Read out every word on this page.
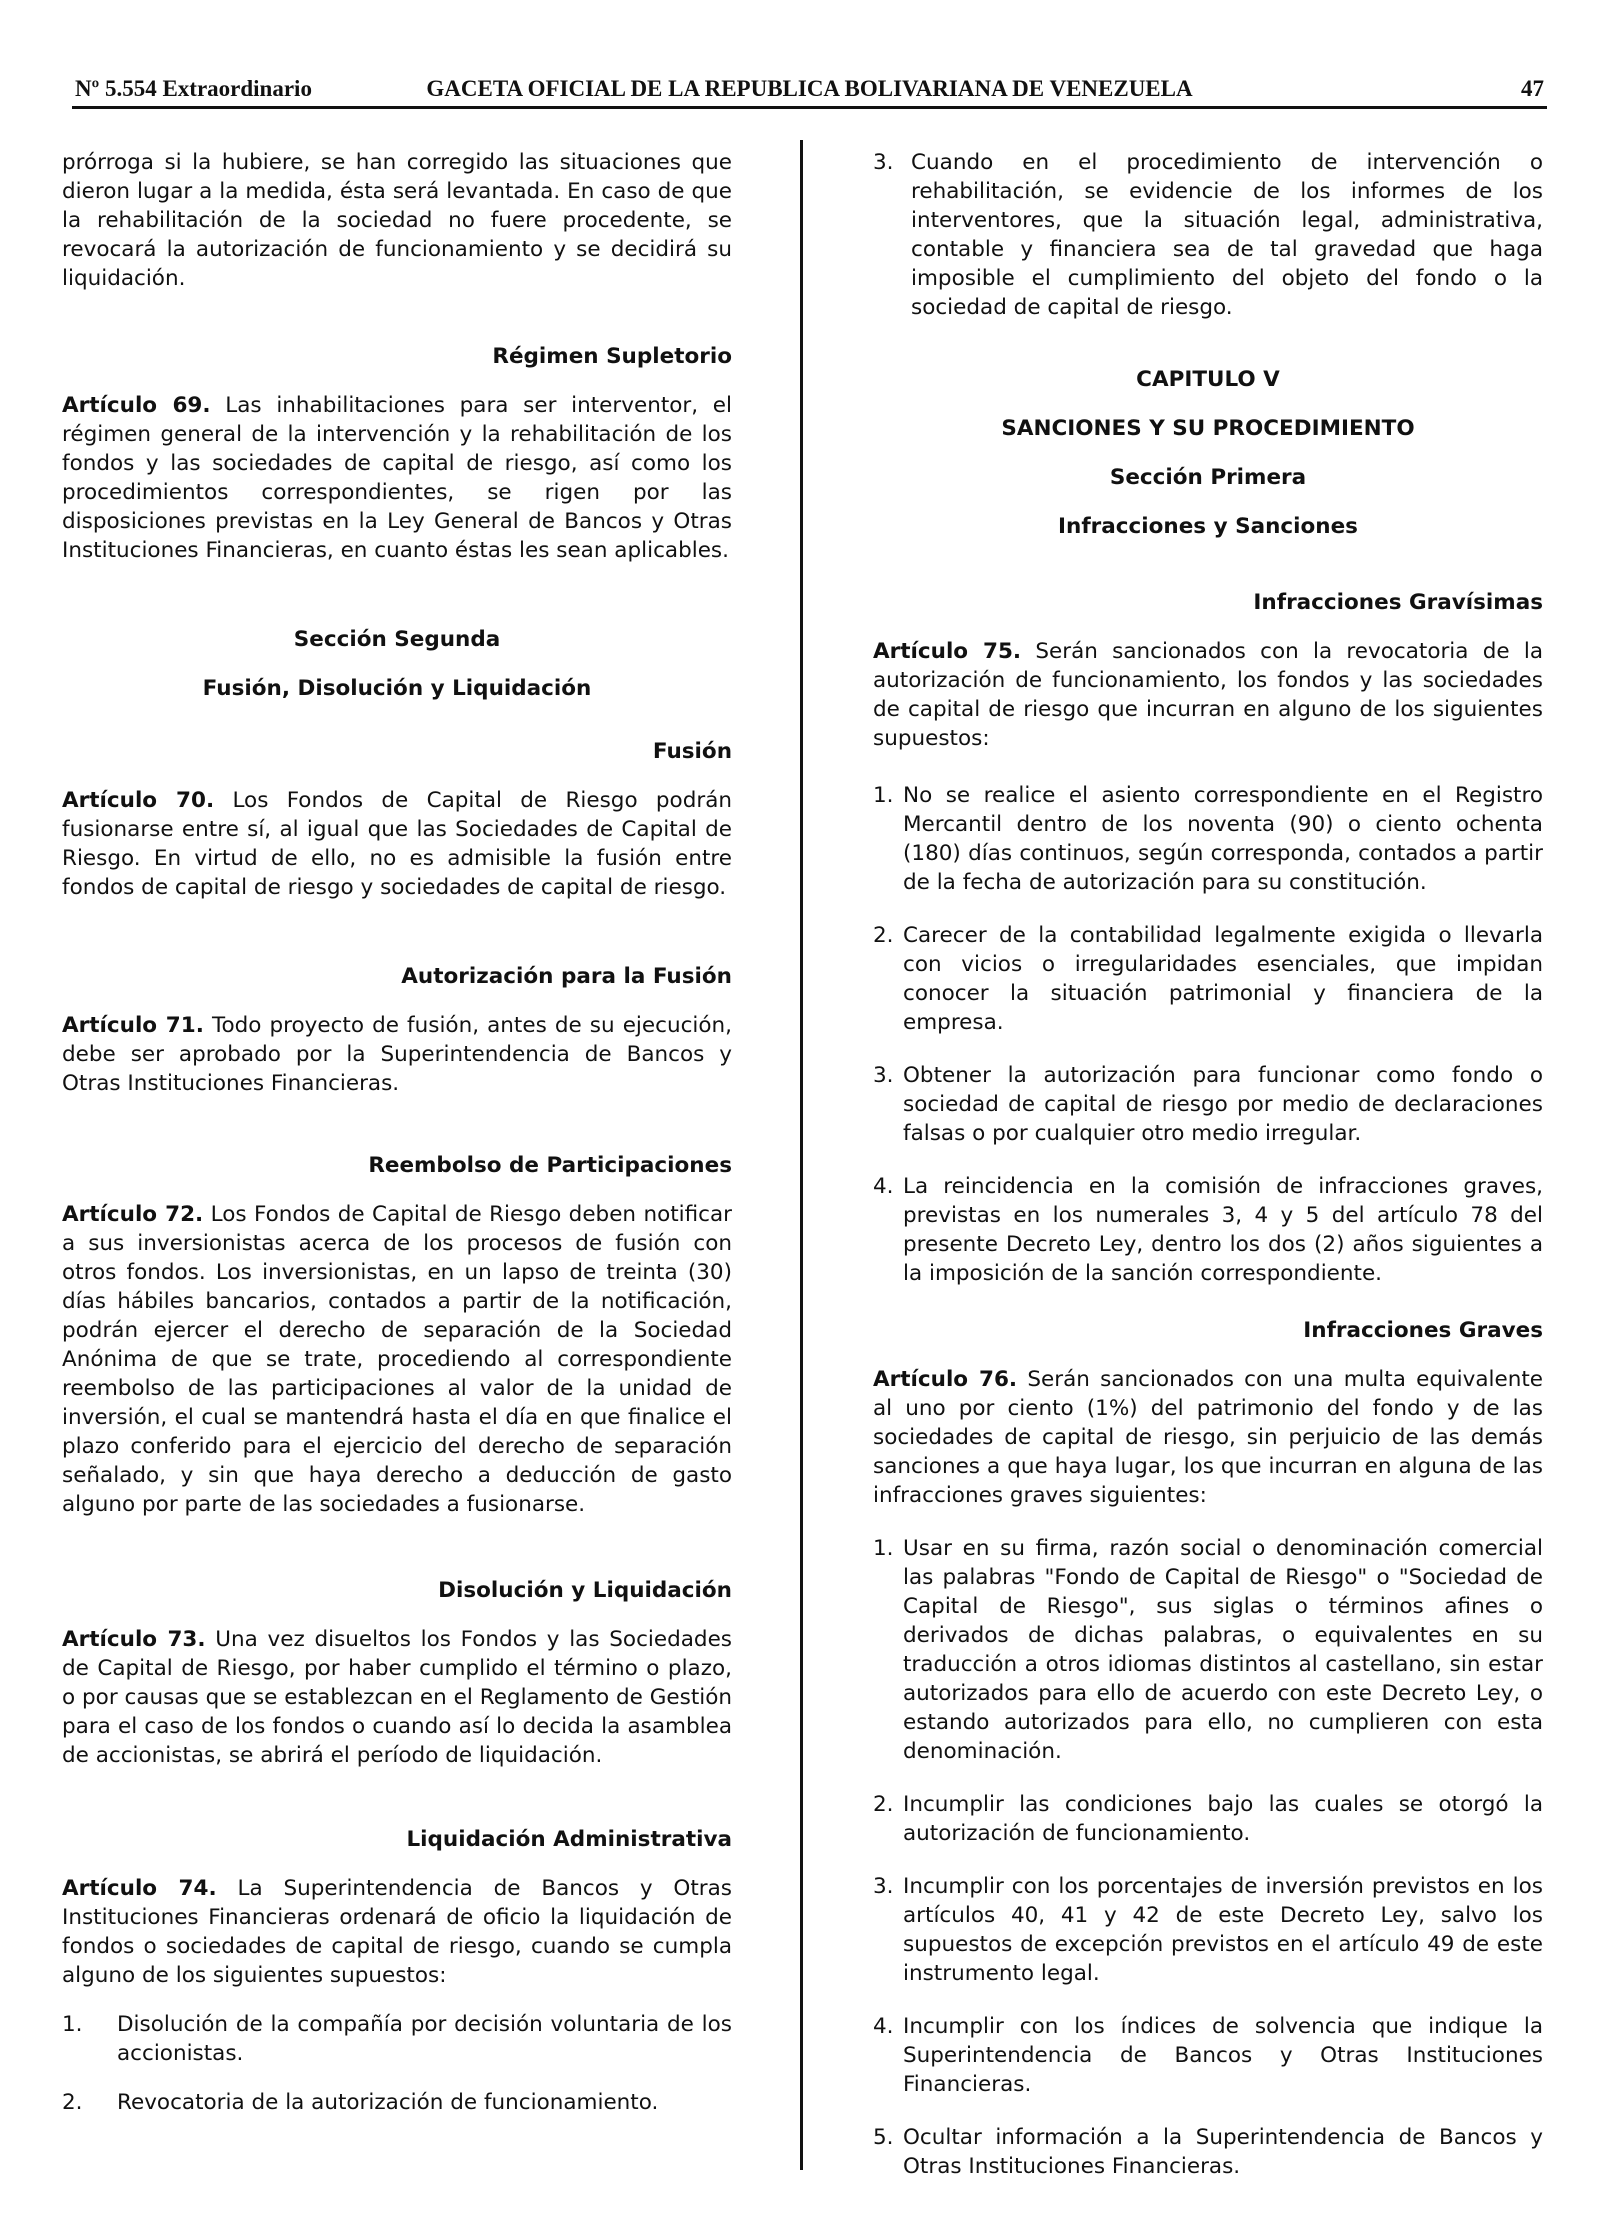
Nº 5.554 Extraordinario	GACETA OFICIAL DE LA REPUBLICA BOLIVARIANA DE VENEZUELA	47

prórroga si la hubiere, se han corregido las situaciones que dieron lugar a la medida, ésta será levantada. En caso de que la rehabilitación de la sociedad no fuere procedente, se revocará la autorización de funcionamiento y se decidirá su liquidación.

Régimen Supletorio

Artículo 69. Las inhabilitaciones para ser interventor, el régimen general de la intervención y la rehabilitación de los fondos y las sociedades de capital de riesgo, así como los procedimientos correspondientes, se rigen por las disposiciones previstas en la Ley General de Bancos y Otras Instituciones Financieras, en cuanto éstas les sean aplicables.

Sección Segunda

Fusión, Disolución y Liquidación

Fusión

Artículo 70. Los Fondos de Capital de Riesgo podrán fusionarse entre sí, al igual que las Sociedades de Capital de Riesgo. En virtud de ello, no es admisible la fusión entre fondos de capital de riesgo y sociedades de capital de riesgo.

Autorización para la Fusión

Artículo 71. Todo proyecto de fusión, antes de su ejecución, debe ser aprobado por la Superintendencia de Bancos y Otras Instituciones Financieras.

Reembolso de Participaciones

Artículo 72. Los Fondos de Capital de Riesgo deben notificar a sus inversionistas acerca de los procesos de fusión con otros fondos. Los inversionistas, en un lapso de treinta (30) días hábiles bancarios, contados a partir de la notificación, podrán ejercer el derecho de separación de la Sociedad Anónima de que se trate, procediendo al correspondiente reembolso de las participaciones al valor de la unidad de inversión, el cual se mantendrá hasta el día en que finalice el plazo conferido para el ejercicio del derecho de separación señalado, y sin que haya derecho a deducción de gasto alguno por parte de las sociedades a fusionarse.

Disolución y Liquidación

Artículo 73. Una vez disueltos los Fondos y las Sociedades de Capital de Riesgo, por haber cumplido el término o plazo, o por causas que se establezcan en el Reglamento de Gestión para el caso de los fondos o cuando así lo decida la asamblea de accionistas, se abrirá el período de liquidación.

Liquidación Administrativa

Artículo 74. La Superintendencia de Bancos y Otras Instituciones Financieras ordenará de oficio la liquidación de fondos o sociedades de capital de riesgo, cuando se cumpla alguno de los siguientes supuestos:

1.	Disolución de la compañía por decisión voluntaria de los accionistas.
2.	Revocatoria de la autorización de funcionamiento.
3. Cuando en el procedimiento de intervención o rehabilitación, se evidencie de los informes de los interventores, que la situación legal, administrativa, contable y financiera sea de tal gravedad que haga imposible el cumplimiento del objeto del fondo o la sociedad de capital de riesgo.

CAPITULO V

SANCIONES Y SU PROCEDIMIENTO

Sección Primera

Infracciones y Sanciones

Infracciones Gravísimas

Artículo 75. Serán sancionados con la revocatoria de la autorización de funcionamiento, los fondos y las sociedades de capital de riesgo que incurran en alguno de los siguientes supuestos:

1. No se realice el asiento correspondiente en el Registro Mercantil dentro de los noventa (90) o ciento ochenta (180) días continuos, según corresponda, contados a partir de la fecha de autorización para su constitución.
2. Carecer de la contabilidad legalmente exigida o llevarla con vicios o irregularidades esenciales, que impidan conocer la situación patrimonial y financiera de la empresa.
3. Obtener la autorización para funcionar como fondo o sociedad de capital de riesgo por medio de declaraciones falsas o por cualquier otro medio irregular.
4. La reincidencia en la comisión de infracciones graves, previstas en los numerales 3, 4 y 5 del artículo 78 del presente Decreto Ley, dentro los dos (2) años siguientes a la imposición de la sanción correspondiente.

Infracciones Graves

Artículo 76. Serán sancionados con una multa equivalente al uno por ciento (1%) del patrimonio del fondo y de las sociedades de capital de riesgo, sin perjuicio de las demás sanciones a que haya lugar, los que incurran en alguna de las infracciones graves siguientes:

1. Usar en su firma, razón social o denominación comercial las palabras "Fondo de Capital de Riesgo" o "Sociedad de Capital de Riesgo", sus siglas o términos afines o derivados de dichas palabras, o equivalentes en su traducción a otros idiomas distintos al castellano, sin estar autorizados para ello de acuerdo con este Decreto Ley, o estando autorizados para ello, no cumplieren con esta denominación.
2. Incumplir las condiciones bajo las cuales se otorgó la autorización de funcionamiento.
3. Incumplir con los porcentajes de inversión previstos en los artículos 40, 41 y 42 de este Decreto Ley, salvo los supuestos de excepción previstos en el artículo 49 de este instrumento legal.
4. Incumplir con los índices de solvencia que indique la Superintendencia de Bancos y Otras Instituciones Financieras.
5. Ocultar información a la Superintendencia de Bancos y Otras Instituciones Financieras.
